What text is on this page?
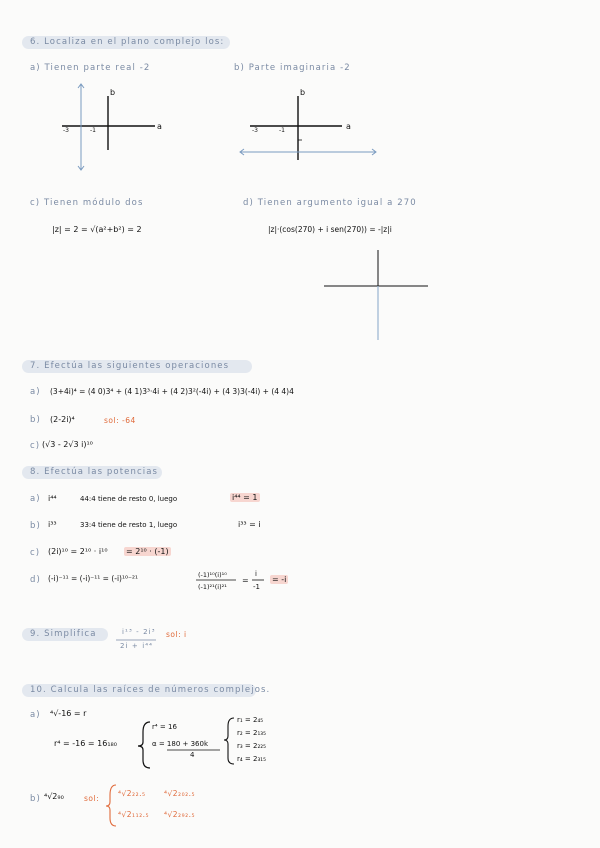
6. Localiza en el plano complejo los:
a) Tienen parte real -2	b) Parte imaginaria -2
b
a
-3	-1
b
a
-3	-1
c) Tienen módulo dos	d) Tienen argumento igual a 270
|z| = 2 = √(a²+b²) = 2	|z|·(cos(270) + i sen(270)) = -|z|i
7. Efectúa las siguientes operaciones
a) (3+4i)⁴ = (4 0)3⁴ + (4 1)3³·4i + (4 2)3²(-4i) + (4 3)3(-4i) + (4 4)4
b) (2-2i)⁴	sol: -64
c) (√3 - 2√3 i)¹⁰
8. Efectúa las potencias
a) i⁴⁴	44:4 tiene de resto 0, luego	i⁴⁴ = 1
b) i³³	33:4 tiene de resto 1, luego	i³³ = i
c) (2i)¹⁰ = 2¹⁰ · i¹⁰ = 2¹⁰ · (-1)
d) (-i)⁻¹¹ = (-i)⁻¹¹ = (-i)¹⁰⁻²¹	(-1)¹⁰(i)¹⁰
(-1)²¹(i)²¹
=
i
-1
= -i
9. Simplifica	i¹³ - 2i³
2i + i⁴⁴
sol: i
10. Calcula las raíces de números complejos.
a) ⁴√-16 = r
r⁴ = -16 = 16₁₈₀
r⁴ = 16
α = 180 + 360k
4
r₁ = 2₄₅
r₂ = 2₁₃₅
r₃ = 2₂₂₅
r₄ = 2₃₁₅
b) ⁴√2₉₀	sol:
⁴√2₂₂.₅ ⁴√2₂₀₂.₅
⁴√2₁₁₂.₅ ⁴√2₂₉₂.₅
